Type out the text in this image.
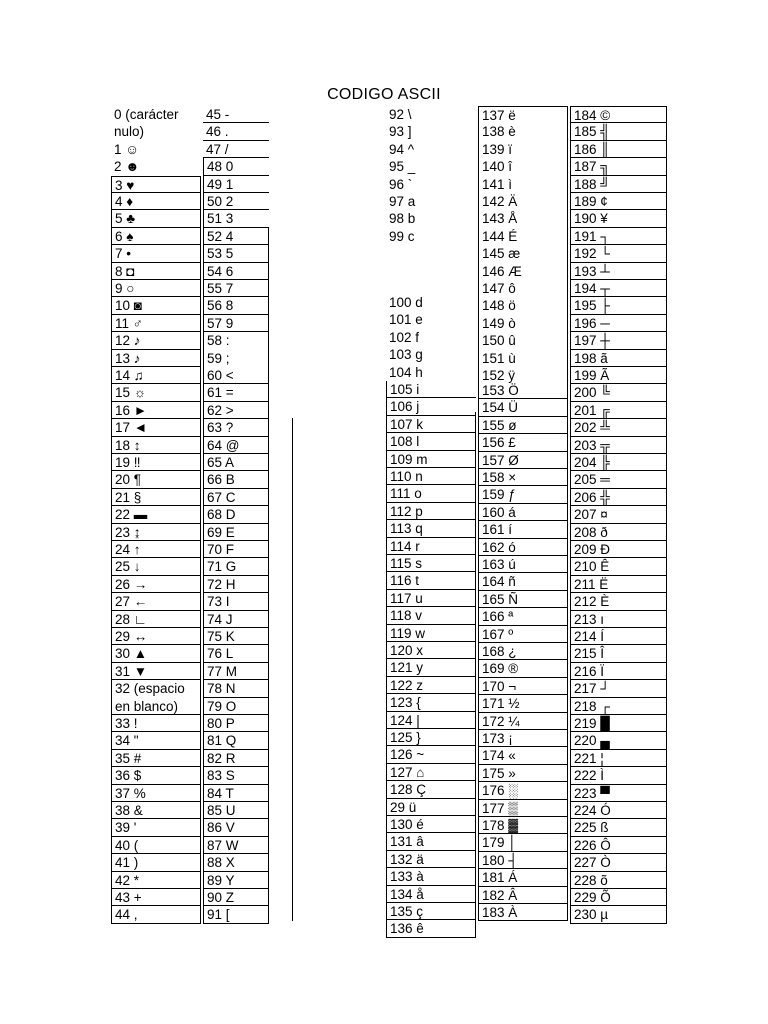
CODIGO ASCII
0 (carácter
nulo)
1 ☺
2 ☻
3 ♥
4 ♦
5 ♣
6 ♠
7 •
8 ◘
9 ○
10 ◙
11 ♂
12 ♪
13 ♪
14 ♫
15 ☼
16 ►
17 ◄
18 ↕
19 ‼
20 ¶
21 §
22 ▬
23 ↨
24 ↑
25 ↓
26 →
27 ←
28 ∟
29 ↔
30 ▲
31 ▼
32 (espacio
en blanco)
33 !
34 "
35 #
36 $
37 %
38 &
39 '
40 (
41 )
42 *
43 +
44 ,
45 -
46 .
47 /
48 0
49 1
50 2
51 3
52 4
53 5
54 6
55 7
56 8
57 9
58 :
59 ;
60 <
61 =
62 >
63 ?
64 @
65 A
66 B
67 C
68 D
69 E
70 F
71 G
72 H
73 I
74 J
75 K
76 L
77 M
78 N
79 O
80 P
81 Q
82 R
83 S
84 T
85 U
86 V
87 W
88 X
89 Y
90 Z
91 [
92 \
93 ]
94 ^
95 _
96 `
97 a
98 b
99 c
100 d
101 e
102 f
103 g
104 h
105 i
106 j
107 k
108 l
109 m
110 n
111 o
112 p
113 q
114 r
115 s
116 t
117 u
118 v
119 w
120 x
121 y
122 z
123 {
124 |
125 }
126 ~
127 ⌂
128 Ç
29 ü
130 é
131 â
132 ä
133 à
134 å
135 ç
136 ê
137 ë
138 è
139 ï
140 î
141 ì
142 Ä
143 Å
144 É
145 æ
146 Æ
147 ô
148 ö
149 ò
150 û
151 ù
152 ÿ
153 Ö
154 Ü
155 ø
156 £
157 Ø
158 ×
159 ƒ
160 á
161 í
162 ó
163 ú
164 ñ
165 Ñ
166 ª
167 º
168 ¿
169 ®
170 ¬
171 ½
172 ¼
173 ¡
174 «
175 »
176 ░
177 ▒
178 ▓
179 │
180 ┤
181 Á
182 Â
183 À
184 ©
185 ╣
186 ║
187 ╗
188 ╝
189 ¢
190 ¥
191 ┐
192 └
193 ┴
194 ┬
195 ├
196 ─
197 ┼
198 ã
199 Ã
200 ╚
201 ╔
202 ╩
203 ╦
204 ╠
205 ═
206 ╬
207 ¤
208 ð
209 Ð
210 Ê
211 Ë
212 È
213 ı
214 Í
215 Î
216 Ï
217 ┘
218 ┌
219 █
220 ▄
221 ¦
222 Ì
223 ▀
224 Ó
225 ß
226 Ô
227 Ò
228 õ
229 Õ
230 µ
